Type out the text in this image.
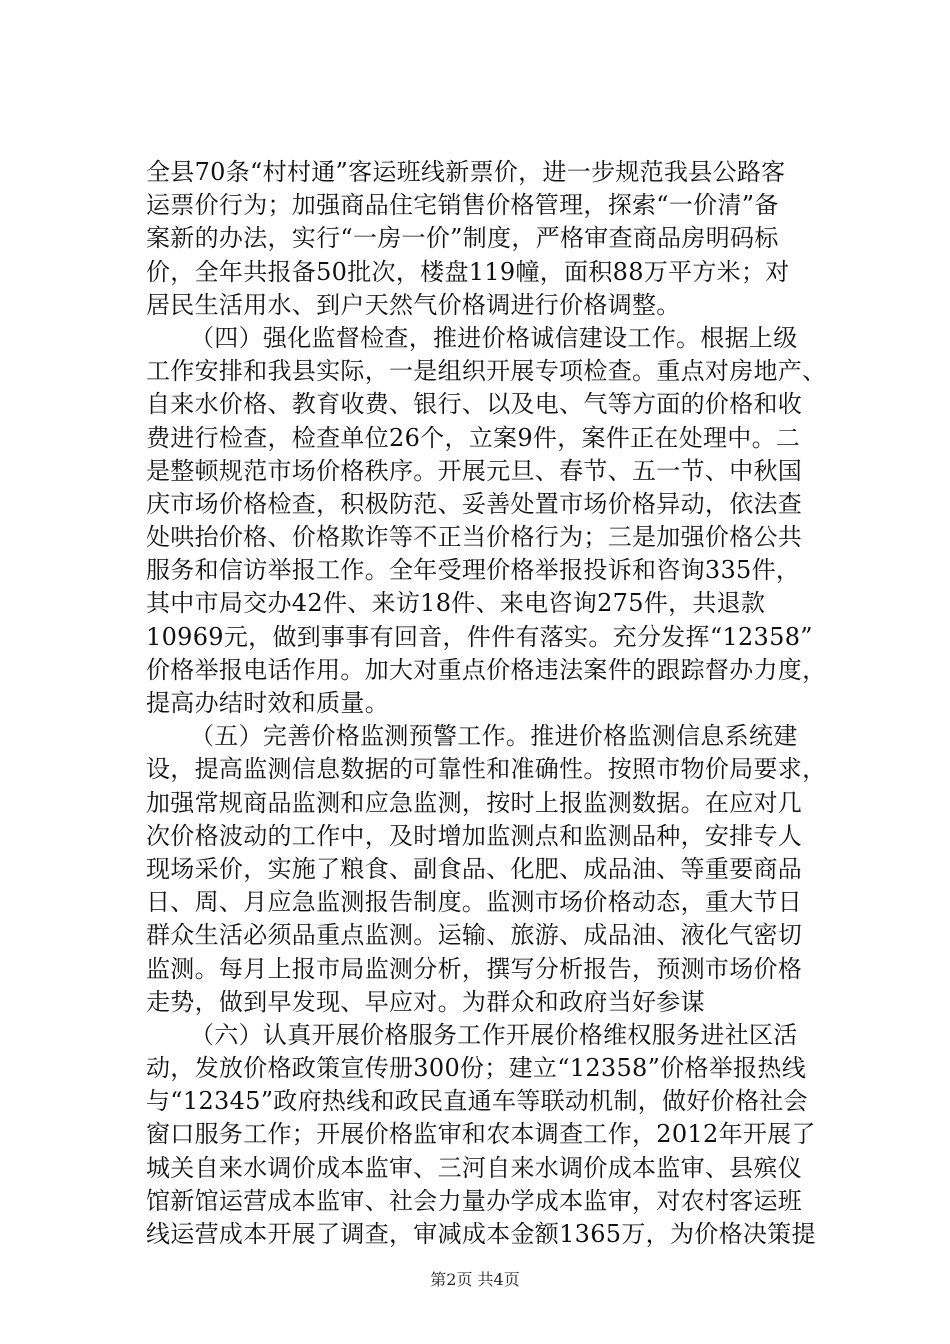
全县70条“村村通”客运班线新票价，进一步规范我县公路客
运票价行为；加强商品住宅销售价格管理，探索“一价清”备
案新的办法，实行“一房一价”制度，严格审查商品房明码标
价，全年共报备50批次，楼盘119幢，面积88万平方米；对
居民生活用水、到户天然气价格调进行价格调整。
（四）强化监督检查，推进价格诚信建设工作。根据上级
工作安排和我县实际，一是组织开展专项检查。重点对房地产、
自来水价格、教育收费、银行、以及电、气等方面的价格和收
费进行检查，检查单位26个，立案9件，案件正在处理中。二
是整顿规范市场价格秩序。开展元旦、春节、五一节、中秋国
庆市场价格检查，积极防范、妥善处置市场价格异动，依法查
处哄抬价格、价格欺诈等不正当价格行为；三是加强价格公共
服务和信访举报工作。全年受理价格举报投诉和咨询335件，
其中市局交办42件、来访18件、来电咨询275件，共退款
10969元，做到事事有回音，件件有落实。充分发挥“12358”
价格举报电话作用。加大对重点价格违法案件的跟踪督办力度，
提高办结时效和质量。
（五）完善价格监测预警工作。推进价格监测信息系统建
设，提高监测信息数据的可靠性和准确性。按照市物价局要求，
加强常规商品监测和应急监测，按时上报监测数据。在应对几
次价格波动的工作中，及时增加监测点和监测品种，安排专人
现场采价，实施了粮食、副食品、化肥、成品油、等重要商品
日、周、月应急监测报告制度。监测市场价格动态，重大节日
群众生活必须品重点监测。运输、旅游、成品油、液化气密切
监测。每月上报市局监测分析，撰写分析报告，预测市场价格
走势，做到早发现、早应对。为群众和政府当好参谋
（六）认真开展价格服务工作开展价格维权服务进社区活
动，发放价格政策宣传册300份；建立“12358”价格举报热线
与“12345”政府热线和政民直通车等联动机制，做好价格社会
窗口服务工作；开展价格监审和农本调查工作，2012年开展了
城关自来水调价成本监审、三河自来水调价成本监审、县殡仪
馆新馆运营成本监审、社会力量办学成本监审，对农村客运班
线运营成本开展了调查，审减成本金额1365万，为价格决策提
第2页 共4页
